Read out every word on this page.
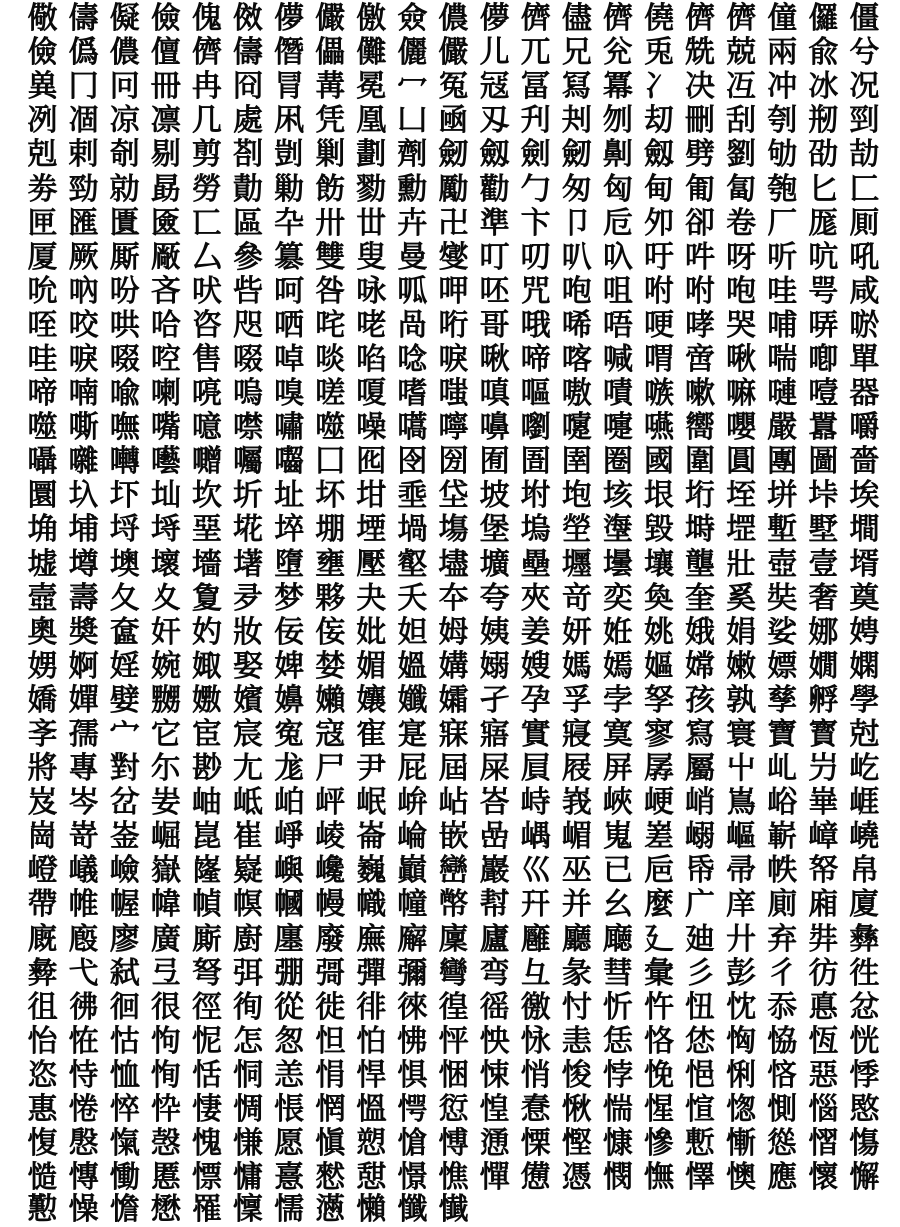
儆 儔 儗 儉 傀 傚 儚 儼 儌 僉 儂 儚 儕 儘 儕 僥 儕 儕 僮 儸 僵
儉 僞 儂 儃 儕 儔 僭 儡 儺 儷 儼 儿 兀 兄 兊 兎 兟 兢 兩 兪 兮
兾 冂 冋 冊 冉 冏 冐 冓 冕 冖 冤 冦 冨 冩 冪 冫 决 冱 冲 冰 况
冽 凅 凉 凛 几 處 凩 凭 凰 凵 凾 刄 刋 刔 刎 刧 刪 刮 刳 剏 剄
剋 剌 剞 剔 剪 剳 剴 剿 劃 劑 劒 劔 劍 劒 劓 劔 劈 劉 劬 劭 劼
劵 勁 勍 勗 勞 勣 勦 飭 勠 勳 勵 勸 勹 匆 匈 甸 匍 匐 匏 匕 匚
匣 匯 匱 匳 匸 區 卆 卅 丗 卉 卍 準 卞 卩 卮 夘 卻 卷 厂 厖 厠
厦 厥 厮 厰 厶 參 簒 雙 叟 曼 燮 叮 叨 叭 叺 吁 吽 呀 听 吭 吼
吮 吶 吩 吝 吠 呰 呵 咎 咏 呱 呷 呸 咒 咆 咀 咐 咐 咆 哇 咢 咸
咥 咬 哄 哈 咨 咫 哂 咤 咾 咼 哘 哥 哦 唏 唔 哽 哮 哭 哺 哢 唹
哇 唳 啜 啌 售 啜 啅 啖 啗 唸 唳 啾 啼 喀 喊 喟 啻 啾 喘 喞 單
啼 喃 喩 喇 喨 嗚 嗅 嗟 嗄 嗜 嗤 嗔 嘔 嗷 嘖 嗾 嗽 嘛 嗹 噎 器
噬 嘶 嘸 嘴 噫 噤 嘯 噬 噪 嚆 嚀 嚊 嚠 嚔 嚏 嚥 嚮 嚶 嚴 囂 嚼
囁 囃 囀 囈 囎 囑 囓 囗 囮 囹 圀 囿 圄 圉 圈 國 圍 圓 團 圖 嗇
圜 圦 圷 圸 坎 圻 址 坏 坩 埀 垈 坡 坿 垉 垓 垠 垳 垤 垪 垰 埃
埆 埔 埒 埓 堊 埖 埣 堋 堙 堝 塲 堡 塢 塋 塰 毀 塒 堽 塹 墅 墹
墟 墫 墺 壞 墻 墸 墮 壅 壓 壑 壗 壙 壘 壥 壜 壤 壟 壯 壺 壹 壻
壼 壽 夂 夊 夐 夛 梦 夥 夬 夭 夲 夸 夾 竒 奕 奐 奎 奚 奘 奢 奠
奧 奬 奩 奸 妁 妝 佞 侫 妣 妲 姆 姨 姜 妍 姙 姚 娥 娟 娑 娜 娉
娚 婀 婬 婉 娵 娶 婢 婪 媚 媼 媾 嫋 嫂 媽 嫣 嫗 嫦 嫩 嫖 嫺 嫻
嬌 嬋 嬖 嬲 嫐 嬪 嬶 嬾 孃 孅 孀 孑 孕 孚 孛 孥 孩 孰 孳 孵 學
斈 孺 宀 它 宦 宸 寃 寇 寉 寔 寐 寤 實 寢 寞 寥 寫 寰 寶 寳 尅
將 專 對 尓 尠 尢 尨 尸 尹 屁 屆 屎 屓 屐 屏 孱 屬 屮 乢 屶 屹
岌 岑 岔 妛 岫 岻 岶 岼 岷 峅 岾 峇 峙 峩 峽 峺 峭 嶌 峪 崋 崕
崗 嵜 崟 崛 崑 崔 崢 崚 崙 崘 嵌 嵒 嵎 嵋 嵬 嵳 嵶 嶇 嶄 嶂 嶢
嶝 嶬 嶮 嶽 嶐 嶷 嶼 巉 巍 巓 巒 巖 巛 巫 已 巵 帋 帚 帙 帑 帛
帶 帷 幄 幃 幀 幎 幗 幔 幟 幢 幤 幇 幵 并 幺 麼 广 庠 廁 廂 廈
廐 廏 廖 廣 廝 廚 廛 廢 廡 廨 廩 廬 廱 廳 廰 廴 廸 廾 弃 弉 彝
彜 弋 弑 弖 弩 弭 弸 彁 彈 彌 彎 弯 彑 彖 彗 彙 彡 彭 彳 彷 徃
徂 彿 徊 很 徑 徇 從 徙 徘 徠 徨 徭 徼 忖 忻 忤 忸 忱 忝 悳 忿
怡 恠 怙 怐 怩 怎 怱 怛 怕 怫 怦 怏 怺 恚 恁 恪 恷 恟 恊 恆 恍
恣 恃 恤 恂 恬 恫 恙 悁 悍 惧 悃 悚 悄 悛 悖 悗 悒 悧 悋 惡 悸
惠 惓 悴 忰 悽 惆 悵 惘 慍 愕 愆 惶 惷 愀 惴 惺 愃 愡 惻 惱 愍
愎 慇 愾 愨 愧 慊 愿 愼 愬 愴 愽 慂 慄 慳 慷 慘 慙 慚 慫 慴 慯
慥 慱 慟 慝 慓 慵 憙 憖 憇 憬 憔 憚 憊 憑 憫 憮 懌 懊 應 懷 懈
懃 懆 憺 懋 罹 懍 懦 懣 懶 懺 懴
